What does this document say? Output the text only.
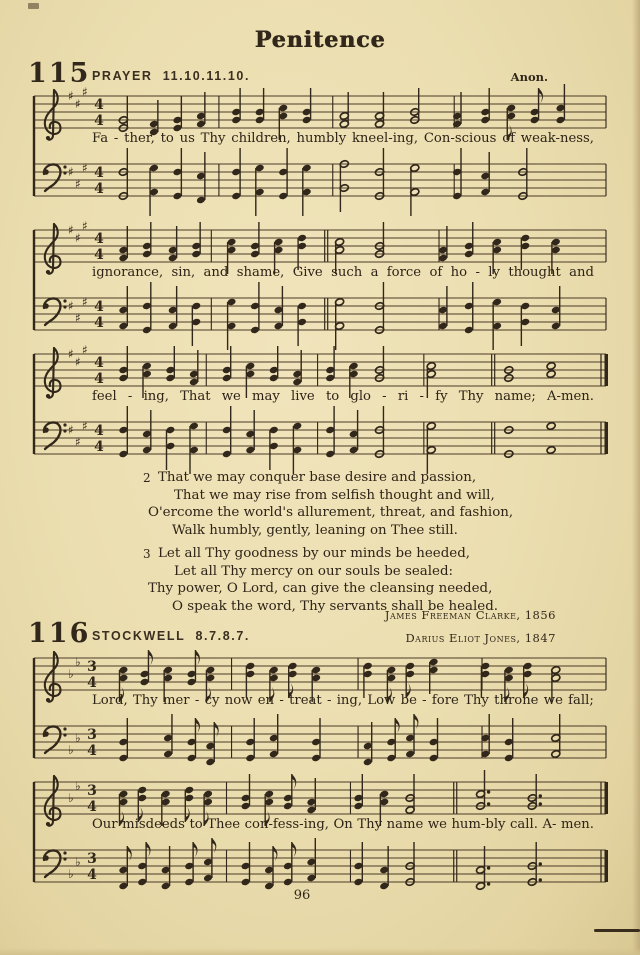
Penitence
115 PRAYER 11.10.11.10.	Anon.
♯
♯
♯
4
4
♯
♯
♯ 4
4
Fa - ther, to us Thy children, humbly kneel-ing, Con-scious of weak-ness,
♯
♯
♯
4
4
♯
♯
♯ 4
4
ignorance, sin, and shame, Give such a force of ho - ly thought and
♯
♯
♯
4
4
♯
♯
♯ 4
4
feel - ing, That we may live to glo - ri - fy Thy name; A-men.
2 That we may conquer base desire and passion,
That we may rise from selfish thought and will,
O'ercome the world's allurement, threat, and fashion,
Walk humbly, gently, leaning on Thee still.
3 Let all Thy goodness by our minds be heeded,
Let all Thy mercy on our souls be sealed:
Thy power, O Lord, can give the cleansing needed,
O speak the word, Thy servants shall be healed.
James Freeman Clarke, 1856
116 STOCKWELL 8.7.8.7.	Darius Eliot Jones, 1847
♭
♭ 3
4
♭
♭ 3
4
Lord, Thy mer - cy now en - treat - ing, Low be - fore Thy throne we fall;
♭
♭ 3
4
♭
♭ 3
4
Our misdeeds to Thee con-fess-ing, On Thy name we hum-bly call. A- men.
96
